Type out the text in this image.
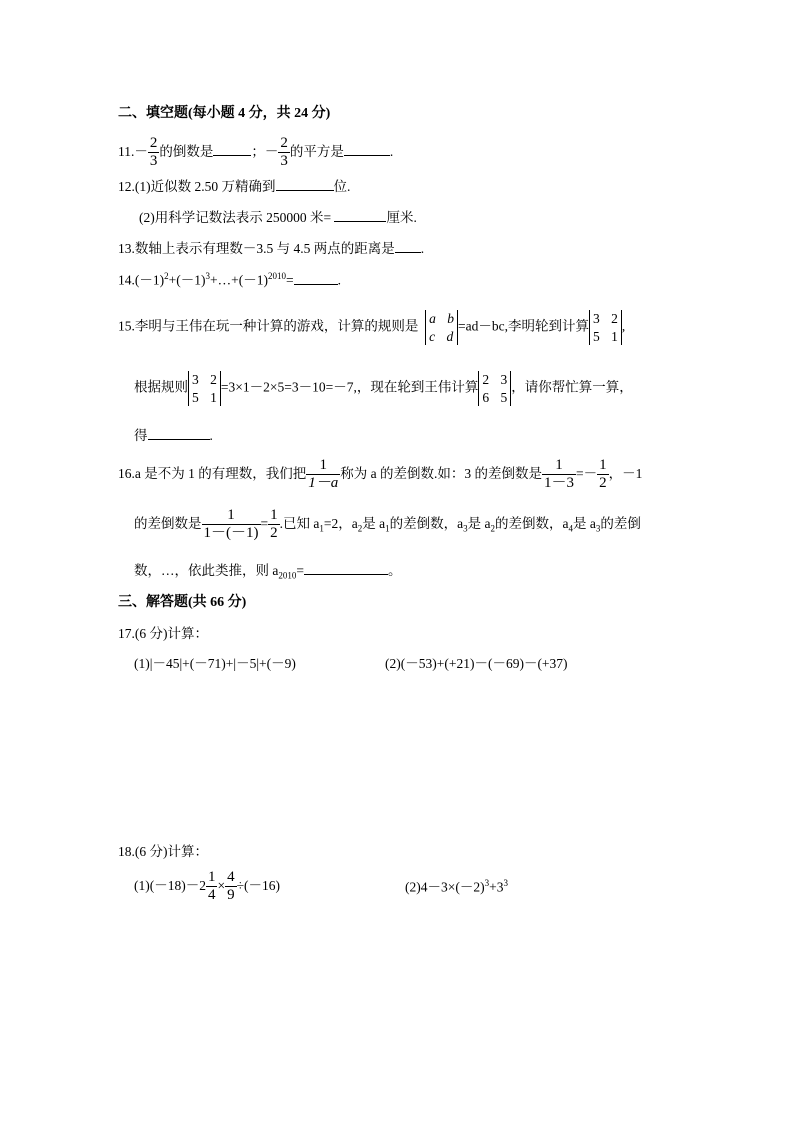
二、填空题(每小题 4 分，共 24 分)
$11.- \frac{2}{3}$ 的倒数是	；－ $\frac{2}{3}$ 的平方是	.
12.(1)近似数 2.50 万精确到	位.
(2)用科学记数法表示 250000 米=	厘米.
13.数轴上表示有理数－3.5 与 4.5 两点的距离是 .
$14.(-1)^2+(-1)^3+\dots+(-1)^{2010}=$	.
15.李明与王伟在玩一种计算的游戏，计算的规则是
a b
c d
=ad－bc,李明轮到计算
3 2
5 1
,
根据规则
3 2
5 1
=3×1－2×5=3－10=－7,，现在轮到王伟计算
2 3
6 5
，请你帮忙算一算，
得	.
16.a 是不为 1 的有理数，我们把 $\frac{1}{1-a}$ 称为 a 的差倒数.如：3 的差倒数是 $\frac{1}{1-3} =- \frac{1}{2}$ ，－1
的差倒数是 $\frac{1}{1-(-1)} = \frac{1}{2}$ .已知 $a_1=2$，$a_2$是 $a_1$的差倒数，$a_3$是 $a_2$的差倒数，$a_4$是 $a_3$的差倒
数，…，依此类推，则 $a_{2010}=$	。
三、解答题(共 66 分)
17.(6 分)计算：
(1)|－45|+(－71)+|－5|+(－9)	(2)(－53)+(+21)－(－69)－(+37)
18.(6 分)计算：
$(1)(-18)-2 \frac{1}{4} \times \frac{4}{9} \div(-16)$	$(2)4-3\times(-2)^3+3^3$
